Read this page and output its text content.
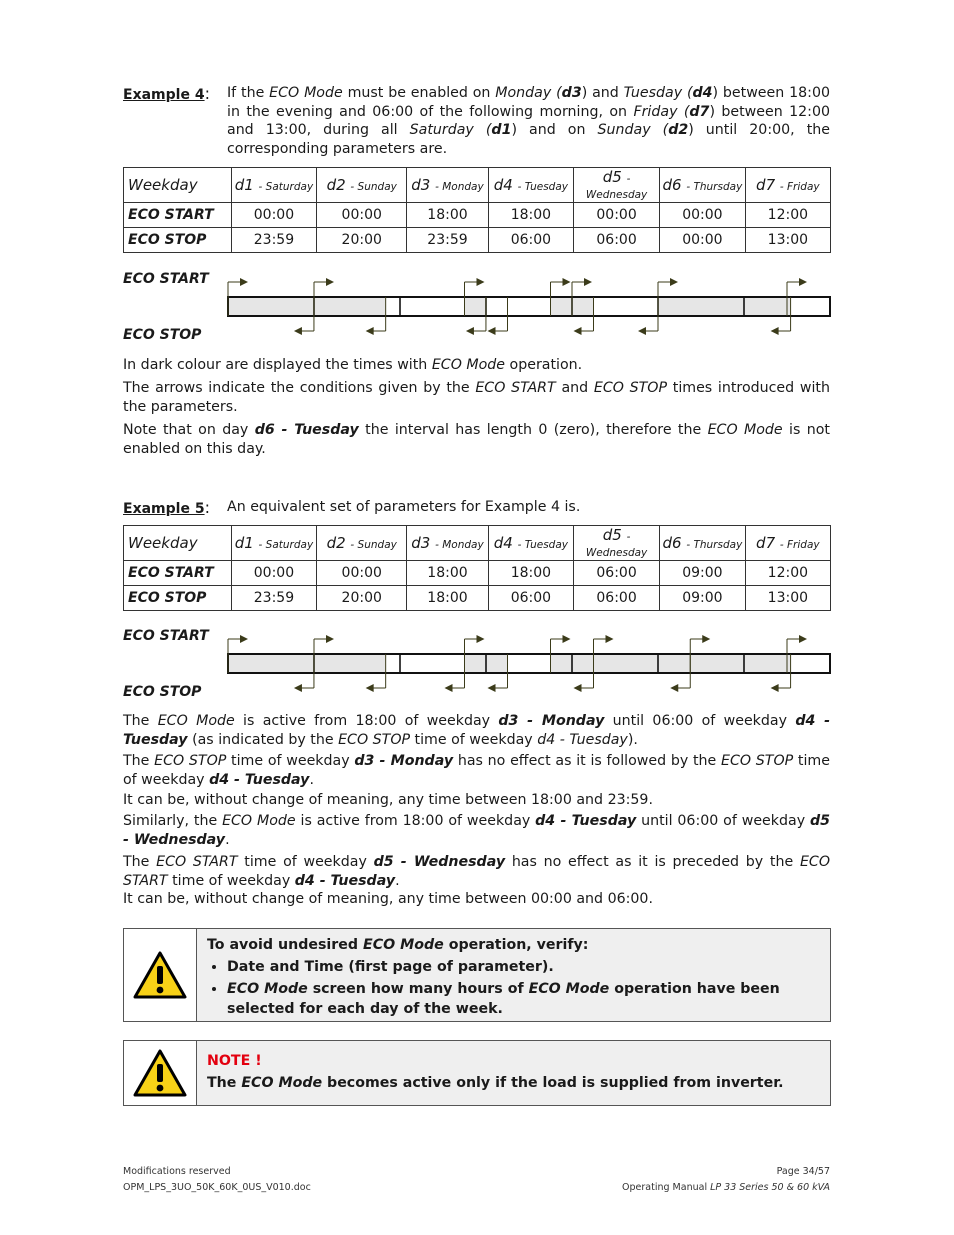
Example 4: If the ECO Mode must be enabled on Monday (d3) and Tuesday (d4) between 18:00 in the evening and 06:00 of the following morning, on Friday (d7) between 12:00 and 13:00, during all Saturday (d1) and on Sunday (d2) until 20:00, the corresponding parameters are.
Weekday	d1 - Saturday	d2 - Sunday	d3 - Monday	d4 - Tuesday	d5 - Wednesday	d6 - Thursday	d7 - Friday
ECO START	00:00	00:00	18:00	18:00	00:00	00:00	12:00
ECO STOP	23:59	20:00	23:59	06:00	06:00	00:00	13:00
ECO START
ECO STOP
In dark colour are displayed the times with ECO Mode operation.
The arrows indicate the conditions given by the ECO START and ECO STOP times introduced with the parameters.
Note that on day d6 - Tuesday the interval has length 0 (zero), therefore the ECO Mode is not enabled on this day.
Example 5: An equivalent set of parameters for Example 4 is.
Weekday	d1 - Saturday	d2 - Sunday	d3 - Monday	d4 - Tuesday	d5 - Wednesday	d6 - Thursday	d7 - Friday
ECO START	00:00	00:00	18:00	18:00	06:00	09:00	12:00
ECO STOP	23:59	20:00	18:00	06:00	06:00	09:00	13:00
ECO START
ECO STOP
The ECO Mode is active from 18:00 of weekday d3 - Monday until 06:00 of weekday d4 - Tuesday (as indicated by the ECO STOP time of weekday d4 - Tuesday).
The ECO STOP time of weekday d3 - Monday has no effect as it is followed by the ECO STOP time of weekday d4 - Tuesday.
It can be, without change of meaning, any time between 18:00 and 23:59.
Similarly, the ECO Mode is active from 18:00 of weekday d4 - Tuesday until 06:00 of weekday d5 - Wednesday.
The ECO START time of weekday d5 - Wednesday has no effect as it is preceded by the ECO START time of weekday d4 - Tuesday.
It can be, without change of meaning, any time between 00:00 and 06:00.
To avoid undesired ECO Mode operation, verify:
• Date and Time (first page of parameter).
• ECO Mode screen how many hours of ECO Mode operation have been selected for each day of the week.
NOTE !
The ECO Mode becomes active only if the load is supplied from inverter.
Modifications reserved
OPM_LPS_3UO_50K_60K_0US_V010.doc
Page 34/57
Operating Manual LP 33 Series 50 & 60 kVA
